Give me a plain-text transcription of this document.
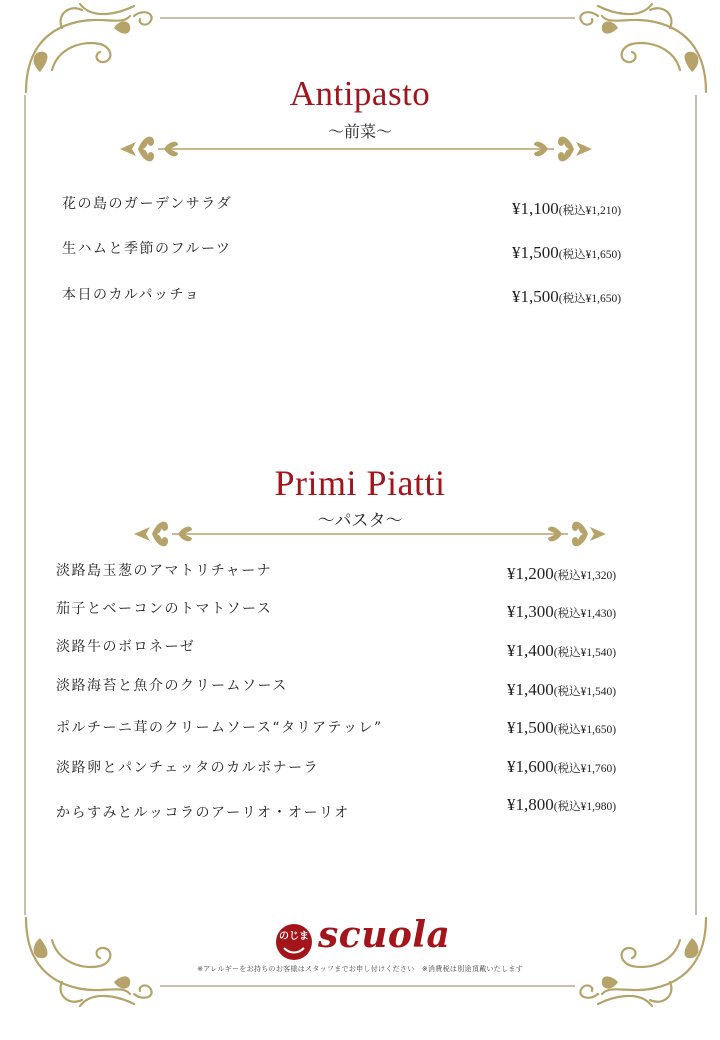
Antipasto
～前菜～
花の島のガーデンサラダ	¥1,100(税込¥1,210)
生ハムと季節のフルーツ	¥1,500(税込¥1,650)
本日のカルパッチョ	¥1,500(税込¥1,650)
Primi Piatti
～パスタ～
淡路島玉葱のアマトリチャーナ	¥1,200(税込¥1,320)
茄子とベーコンのトマトソース	¥1,300(税込¥1,430)
淡路牛のボロネーゼ	¥1,400(税込¥1,540)
淡路海苔と魚介のクリームソース	¥1,400(税込¥1,540)
ポルチーニ茸のクリームソース“タリアテッレ”	¥1,500(税込¥1,650)
淡路卵とパンチェッタのカルボナーラ	¥1,600(税込¥1,760)
からすみとルッコラのアーリオ・オーリオ	¥1,800(税込¥1,980)
のじま scuola
※アレルギーをお持ちのお客様はスタッフまでお申し付けください　※消費税は別途頂戴いたします
